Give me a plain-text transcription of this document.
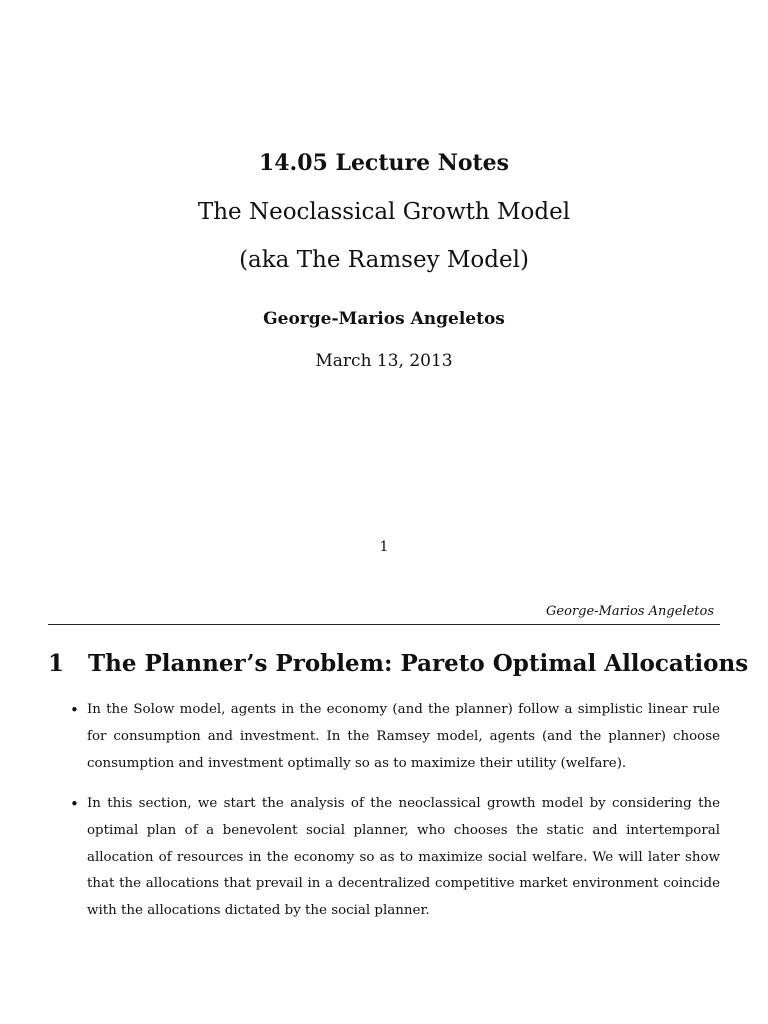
14.05 Lecture Notes
The Neoclassical Growth Model
(aka The Ramsey Model)
George-Marios Angeletos
March 13, 2013
1
George-Marios Angeletos
1 The Planner’s Problem: Pareto Optimal Allocations
• In the Solow model, agents in the economy (and the planner) follow a simplistic linear rule for consumption and investment. In the Ramsey model, agents (and the planner) choose consumption and investment optimally so as to maximize their utility (welfare).
• In this section, we start the analysis of the neoclassical growth model by considering the optimal plan of a benevolent social planner, who chooses the static and intertemporal allocation of resources in the economy so as to maximize social welfare. We will later show that the allocations that prevail in a decentralized competitive market environment coincide with the allocations dictated by the social planner.
